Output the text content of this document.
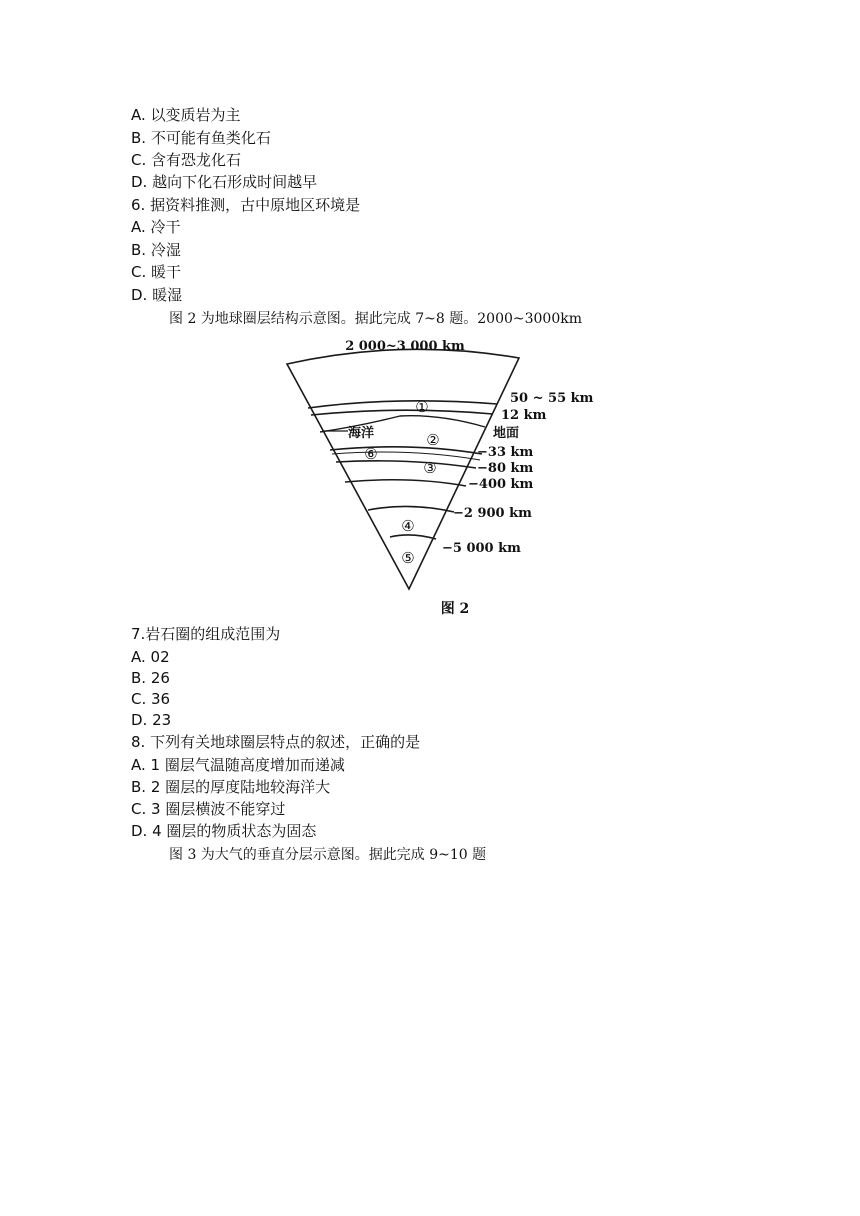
A. 以变质岩为主
B. 不可能有鱼类化石
C. 含有恐龙化石
D. 越向下化石形成时间越早
6. 据资料推测，古中原地区环境是
A. 冷干
B. 冷湿
C. 暖干
D. 暖湿
图 2 为地球圈层结构示意图。据此完成 7~8 题。2000~3000km
2 000~3 000 km
50 ~ 55 km
12 km
地面
−33 km
−80 km
−400 km
−2 900 km
−5 000 km
海洋
①
②
③
④
⑤
⑥
图 2
7.岩石圈的组成范围为
A. 02
B. 26
C. 36
D. 23
8. 下列有关地球圈层特点的叙述，正确的是
A. 1 圈层气温随高度增加而递减
B. 2 圈层的厚度陆地较海洋大
C. 3 圈层横波不能穿过
D. 4 圈层的物质状态为固态
图 3 为大气的垂直分层示意图。据此完成 9~10 题
